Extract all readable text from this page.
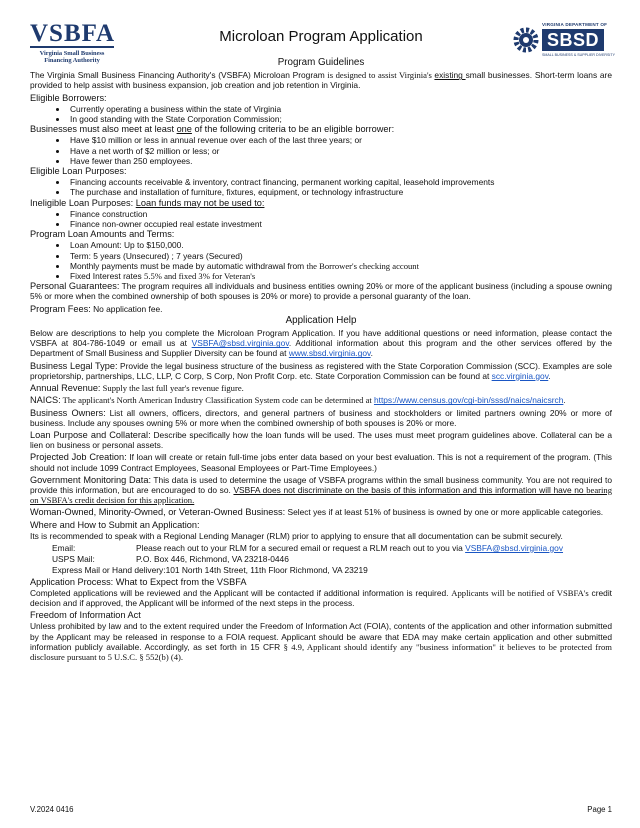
VSBFA
Virginia Small Business
Financing Authority
Microloan Program Application
VIRGINIA DEPARTMENT OF
SBSD
SMALL BUSINESS & SUPPLIER DIVERSITY
Program Guidelines

The Virginia Small Business Financing Authority's (VSBFA) Microloan Program is designed to assist Virginia's existing small businesses. Short-term loans are provided to help assist with business expansion, job creation and job retention in Virginia.

Eligible Borrowers:
• Currently operating a business within the state of Virginia
• In good standing with the State Corporation Commission;
Businesses must also meet at least one of the following criteria to be an eligible borrower:
• Have $10 million or less in annual revenue over each of the last three years; or
• Have a net worth of $2 million or less; or
• Have fewer than 250 employees.
Eligible Loan Purposes:
• Financing accounts receivable & inventory, contract financing, permanent working capital, leasehold improvements
• The purchase and installation of furniture, fixtures, equipment, or technology infrastructure
Ineligible Loan Purposes: Loan funds may not be used to:
• Finance construction
• Finance non-owner occupied real estate investment
Program Loan Amounts and Terms:
• Loan Amount: Up to $150,000.
• Term: 5 years (Unsecured) ; 7 years (Secured)
• Monthly payments must be made by automatic withdrawal from the Borrower's checking account
• Fixed Interest rates 5.5% and fixed 3% for Veteran's

Personal Guarantees: The program requires all individuals and business entities owning 20% or more of the applicant business (including a spouse owning 5% or more when the combined ownership of both spouses is 20% or more) to provide a personal guaranty of the loan.

Program Fees: No application fee.

Application Help

Below are descriptions to help you complete the Microloan Program Application. If you have additional questions or need information, please contact the VSBFA at 804-786-1049 or email us at VSBFA@sbsd.virginia.gov. Additional information about this program and the other services offered by the Department of Small Business and Supplier Diversity can be found at www.sbsd.virginia.gov.

Business Legal Type: Provide the legal business structure of the business as registered with the State Corporation Commission (SCC). Examples are sole proprietorship, partnerships, LLC, LLP, C Corp, S Corp, Non Profit Corp. etc. State Corporation Commission can be found at scc.virginia.gov.

Annual Revenue: Supply the last full year's revenue figure.

NAICS: The applicant's North American Industry Classification System code can be determined at https://www.census.gov/cgi-bin/sssd/naics/naicsrch.

Business Owners: List all owners, officers, directors, and general partners of business and stockholders or limited partners owning 20% or more of business. Include any spouses owning 5% or more when the combined ownership of both spouses is 20% or more.

Loan Purpose and Collateral: Describe specifically how the loan funds will be used. The uses must meet program guidelines above. Collateral can be a lien on business or personal assets.

Projected Job Creation: If loan will create or retain full-time jobs enter data based on your best evaluation. This is not a requirement of the program. (This should not include 1099 Contract Employees, Seasonal Employees or Part-Time Employees.)

Government Monitoring Data: This data is used to determine the usage of VSBFA programs within the small business community. You are not required to provide this information, but are encouraged to do so. VSBFA does not discriminate on the basis of this information and this information will have no bearing on VSBFA's credit decision for this application.

Woman-Owned, Minority-Owned, or Veteran-Owned Business: Select yes if at least 51% of business is owned by one or more applicable categories.

Where and How to Submit an Application:

Its is recommended to speak with a Regional Lending Manager (RLM) prior to applying to ensure that all documentation can be submit securely.

Email:	Please reach out to your RLM for a secured email or request a RLM reach out to you via VSBFA@sbsd.virginia.gov
USPS Mail:	P.O. Box 446, Richmond, VA 23218-0446
Express Mail or Hand delivery: 101 North 14th Street, 11th Floor Richmond, VA 23219
Application Process: What to Expect from the VSBFA

Completed applications will be reviewed and the Applicant will be contacted if additional information is required. Applicants will be notified of VSBFA's credit decision and if approved, the Applicant will be informed of the next steps in the process.

Freedom of Information Act

Unless prohibited by law and to the extent required under the Freedom of Information Act (FOIA), contents of the application and other information submitted by the Applicant may be released in response to a FOIA request. Applicant should be aware that EDA may make certain application and other submitted information publicly available. Accordingly, as set forth in 15 CFR § 4.9, Applicant should identify any "business information" it believes to be protected from disclosure pursuant to 5 U.S.C. § 552(b) (4).

V.2024 0416	Page 1
